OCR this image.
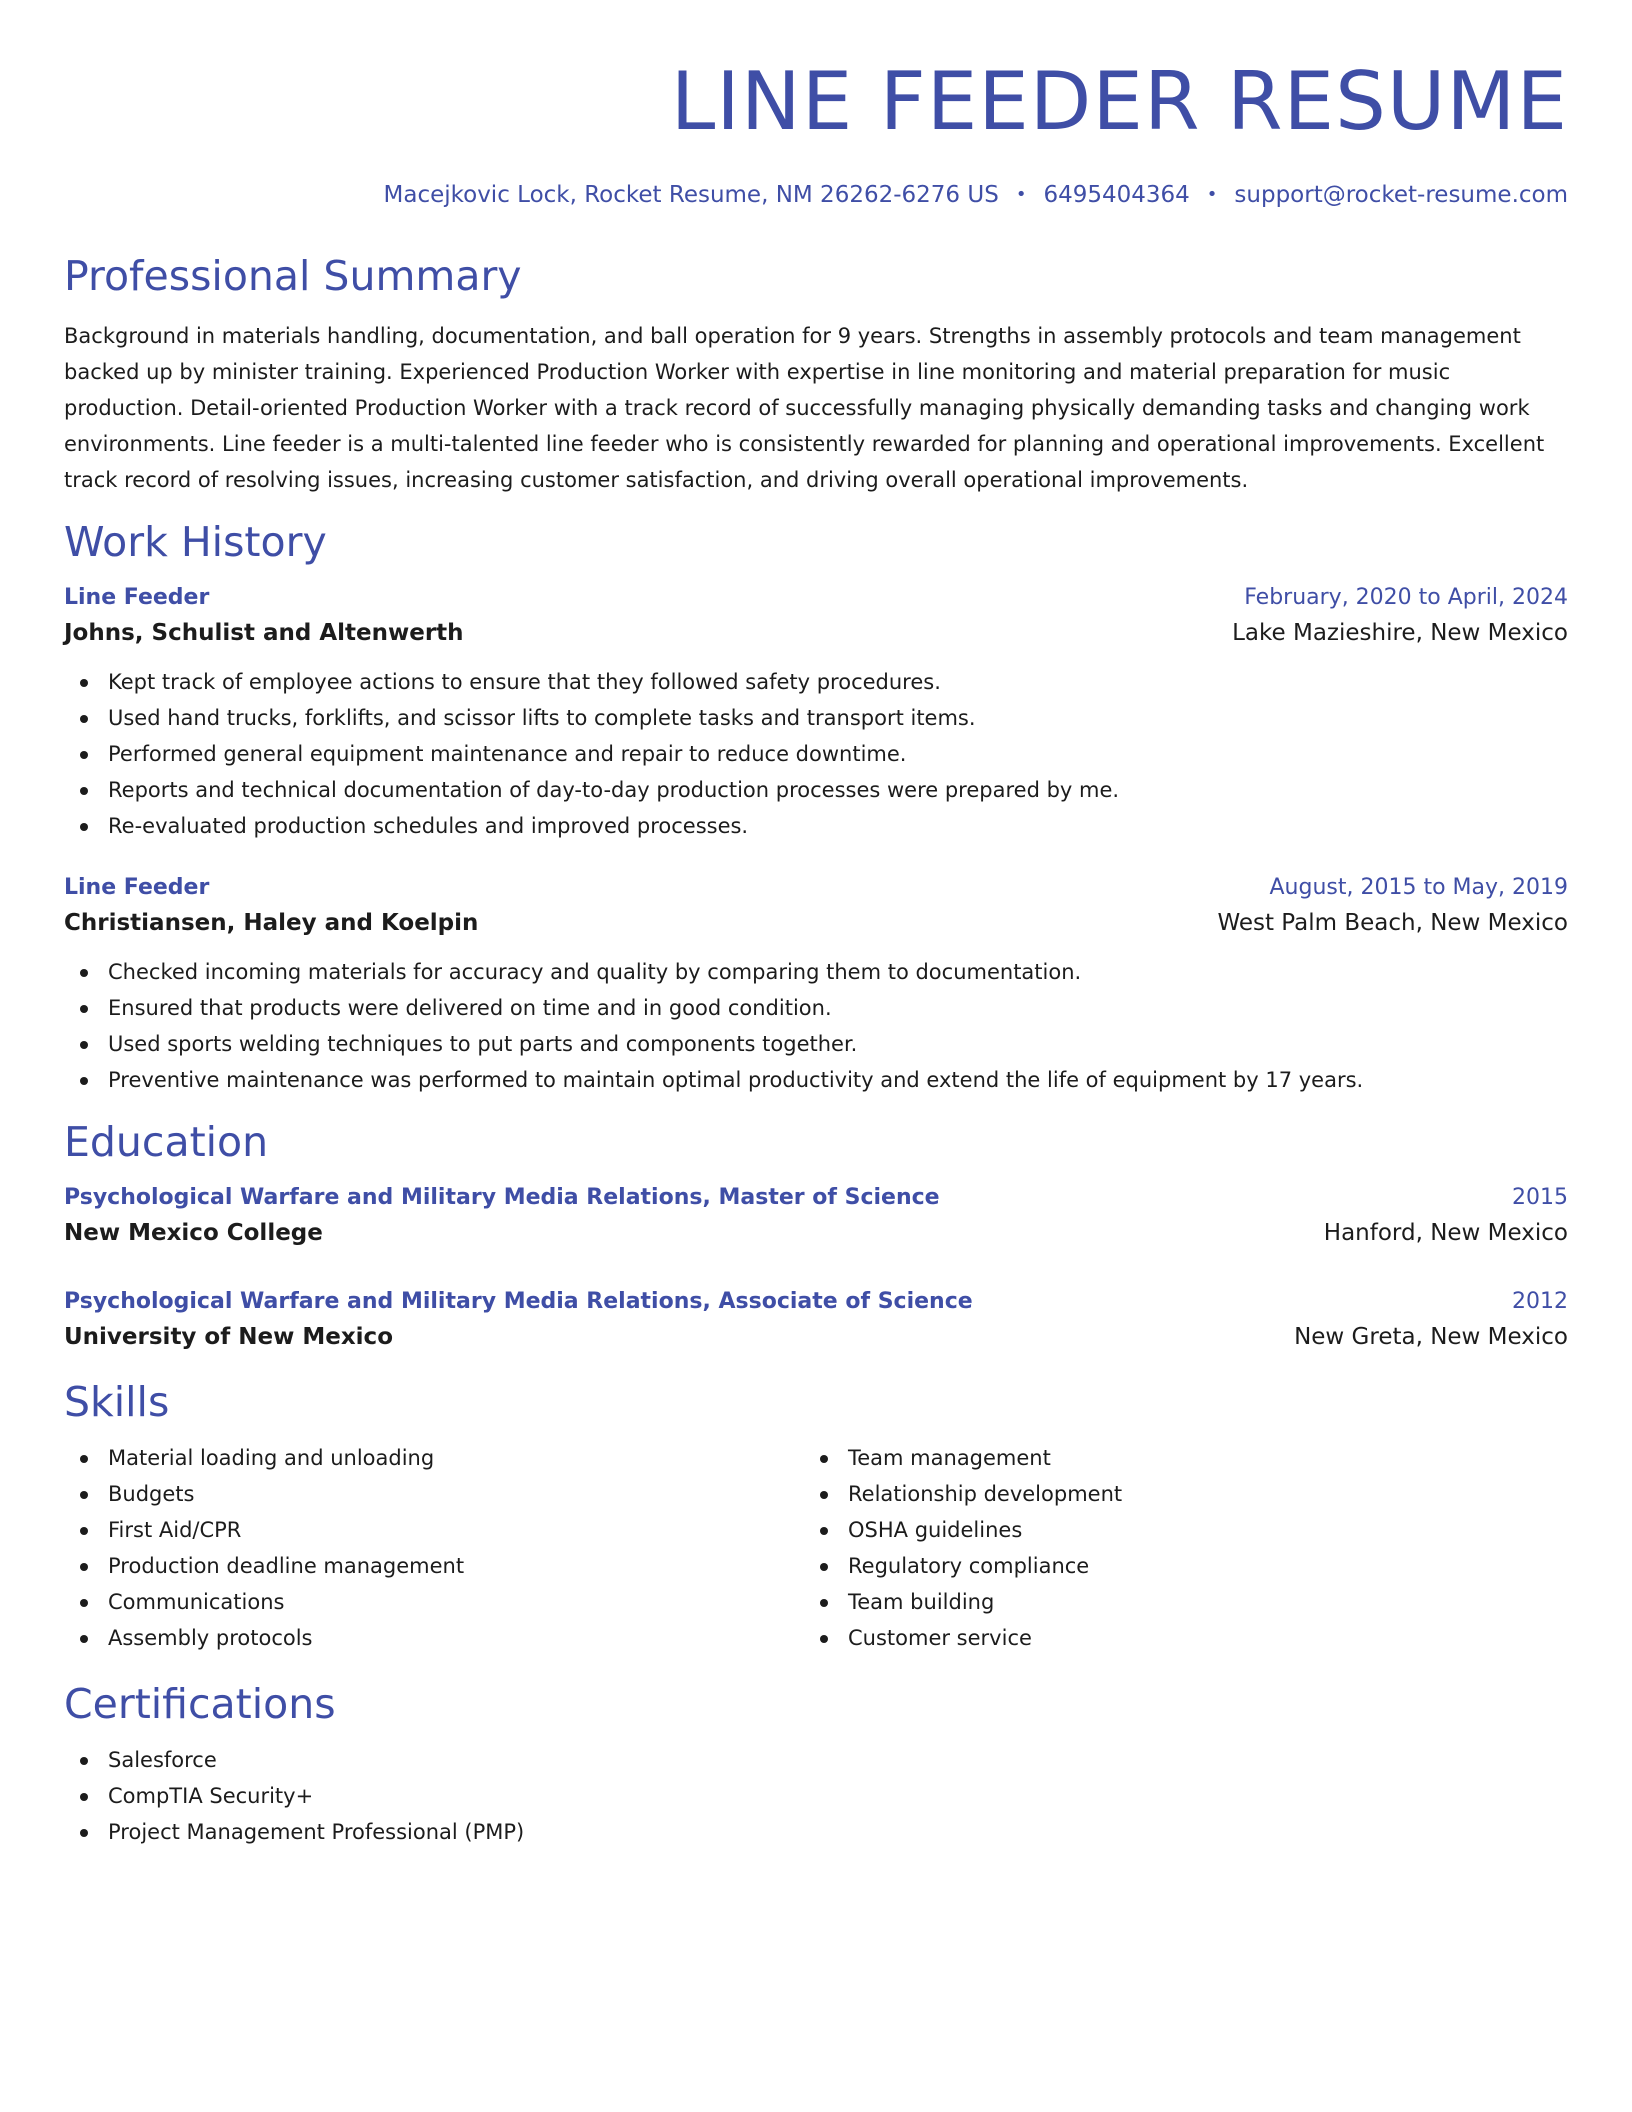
LINE FEEDER RESUME
Macejkovic Lock, Rocket Resume, NM 26262-6276 US • 6495404364 • support@rocket-resume.com
Professional Summary
Background in materials handling, documentation, and ball operation for 9 years. Strengths in assembly protocols and team management backed up by minister training. Experienced Production Worker with expertise in line monitoring and material preparation for music production. Detail-oriented Production Worker with a track record of successfully managing physically demanding tasks and changing work environments. Line feeder is a multi-talented line feeder who is consistently rewarded for planning and operational improvements. Excellent track record of resolving issues, increasing customer satisfaction, and driving overall operational improvements.
Work History
Line Feeder	February, 2020 to April, 2024
Johns, Schulist and Altenwerth	Lake Mazieshire, New Mexico
Kept track of employee actions to ensure that they followed safety procedures.
Used hand trucks, forklifts, and scissor lifts to complete tasks and transport items.
Performed general equipment maintenance and repair to reduce downtime.
Reports and technical documentation of day-to-day production processes were prepared by me.
Re-evaluated production schedules and improved processes.
Line Feeder	August, 2015 to May, 2019
Christiansen, Haley and Koelpin	West Palm Beach, New Mexico
Checked incoming materials for accuracy and quality by comparing them to documentation.
Ensured that products were delivered on time and in good condition.
Used sports welding techniques to put parts and components together.
Preventive maintenance was performed to maintain optimal productivity and extend the life of equipment by 17 years.
Education
Psychological Warfare and Military Media Relations, Master of Science	2015
New Mexico College	Hanford, New Mexico
Psychological Warfare and Military Media Relations, Associate of Science	2012
University of New Mexico	New Greta, New Mexico
Skills
Material loading and unloading
Budgets
First Aid/CPR
Production deadline management
Communications
Assembly protocols
Team management
Relationship development
OSHA guidelines
Regulatory compliance
Team building
Customer service
Certifications
Salesforce
CompTIA Security+
Project Management Professional (PMP)
